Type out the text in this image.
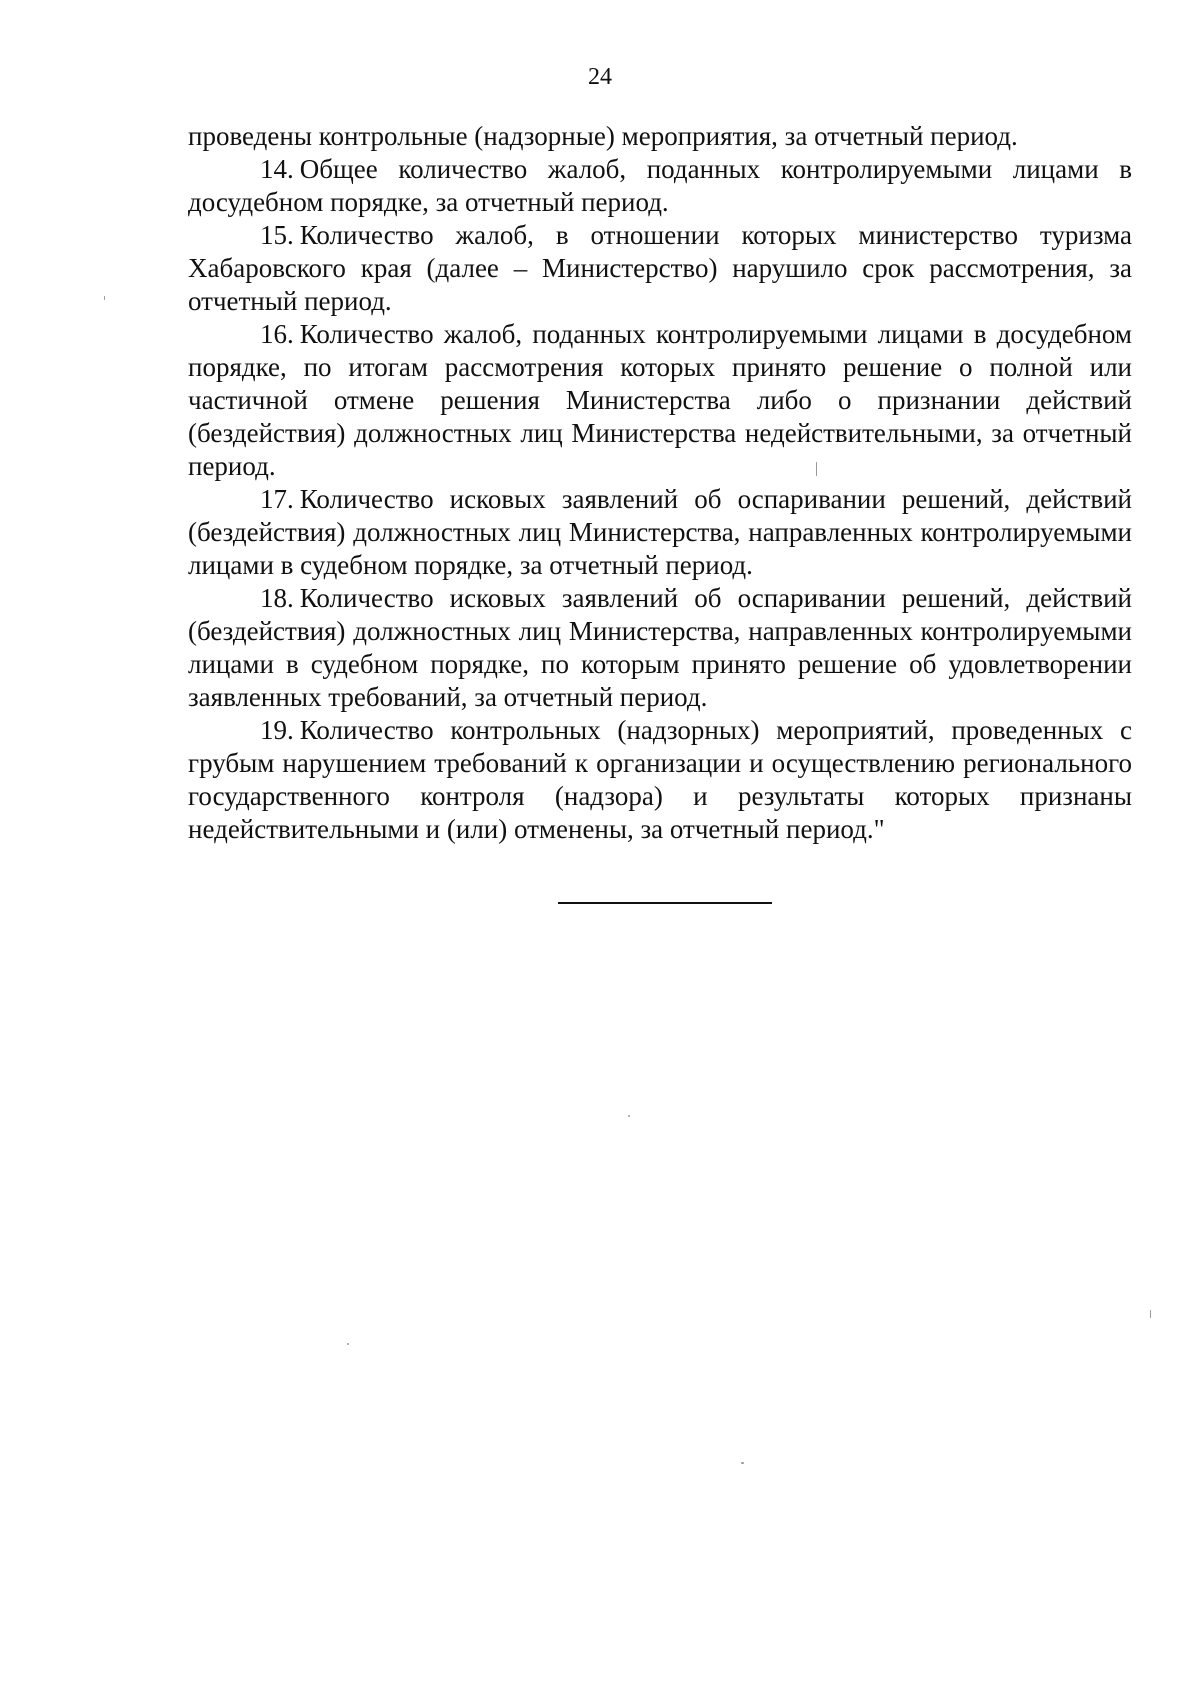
24

проведены контрольные (надзорные) мероприятия, за отчетный период.

14. Общее количество жалоб, поданных контролируемыми лицами в досудебном порядке, за отчетный период.

15. Количество жалоб, в отношении которых министерство туризма Хабаровского края (далее – Министерство) нарушило срок рассмотрения, за отчетный период.

16. Количество жалоб, поданных контролируемыми лицами в досудебном порядке, по итогам рассмотрения которых принято решение о полной или частичной отмене решения Министерства либо о признании действий (бездействия) должностных лиц Министерства недействительными, за отчетный период.

17. Количество исковых заявлений об оспаривании решений, действий (бездействия) должностных лиц Министерства, направленных контролируемыми лицами в судебном порядке, за отчетный период.

18. Количество исковых заявлений об оспаривании решений, действий (бездействия) должностных лиц Министерства, направленных контролируемыми лицами в судебном порядке, по которым принято решение об удовлетворении заявленных требований, за отчетный период.

19. Количество контрольных (надзорных) мероприятий, проведенных с грубым нарушением требований к организации и осуществлению регионального государственного контроля (надзора) и результаты которых признаны недействительными и (или) отменены, за отчетный период."
